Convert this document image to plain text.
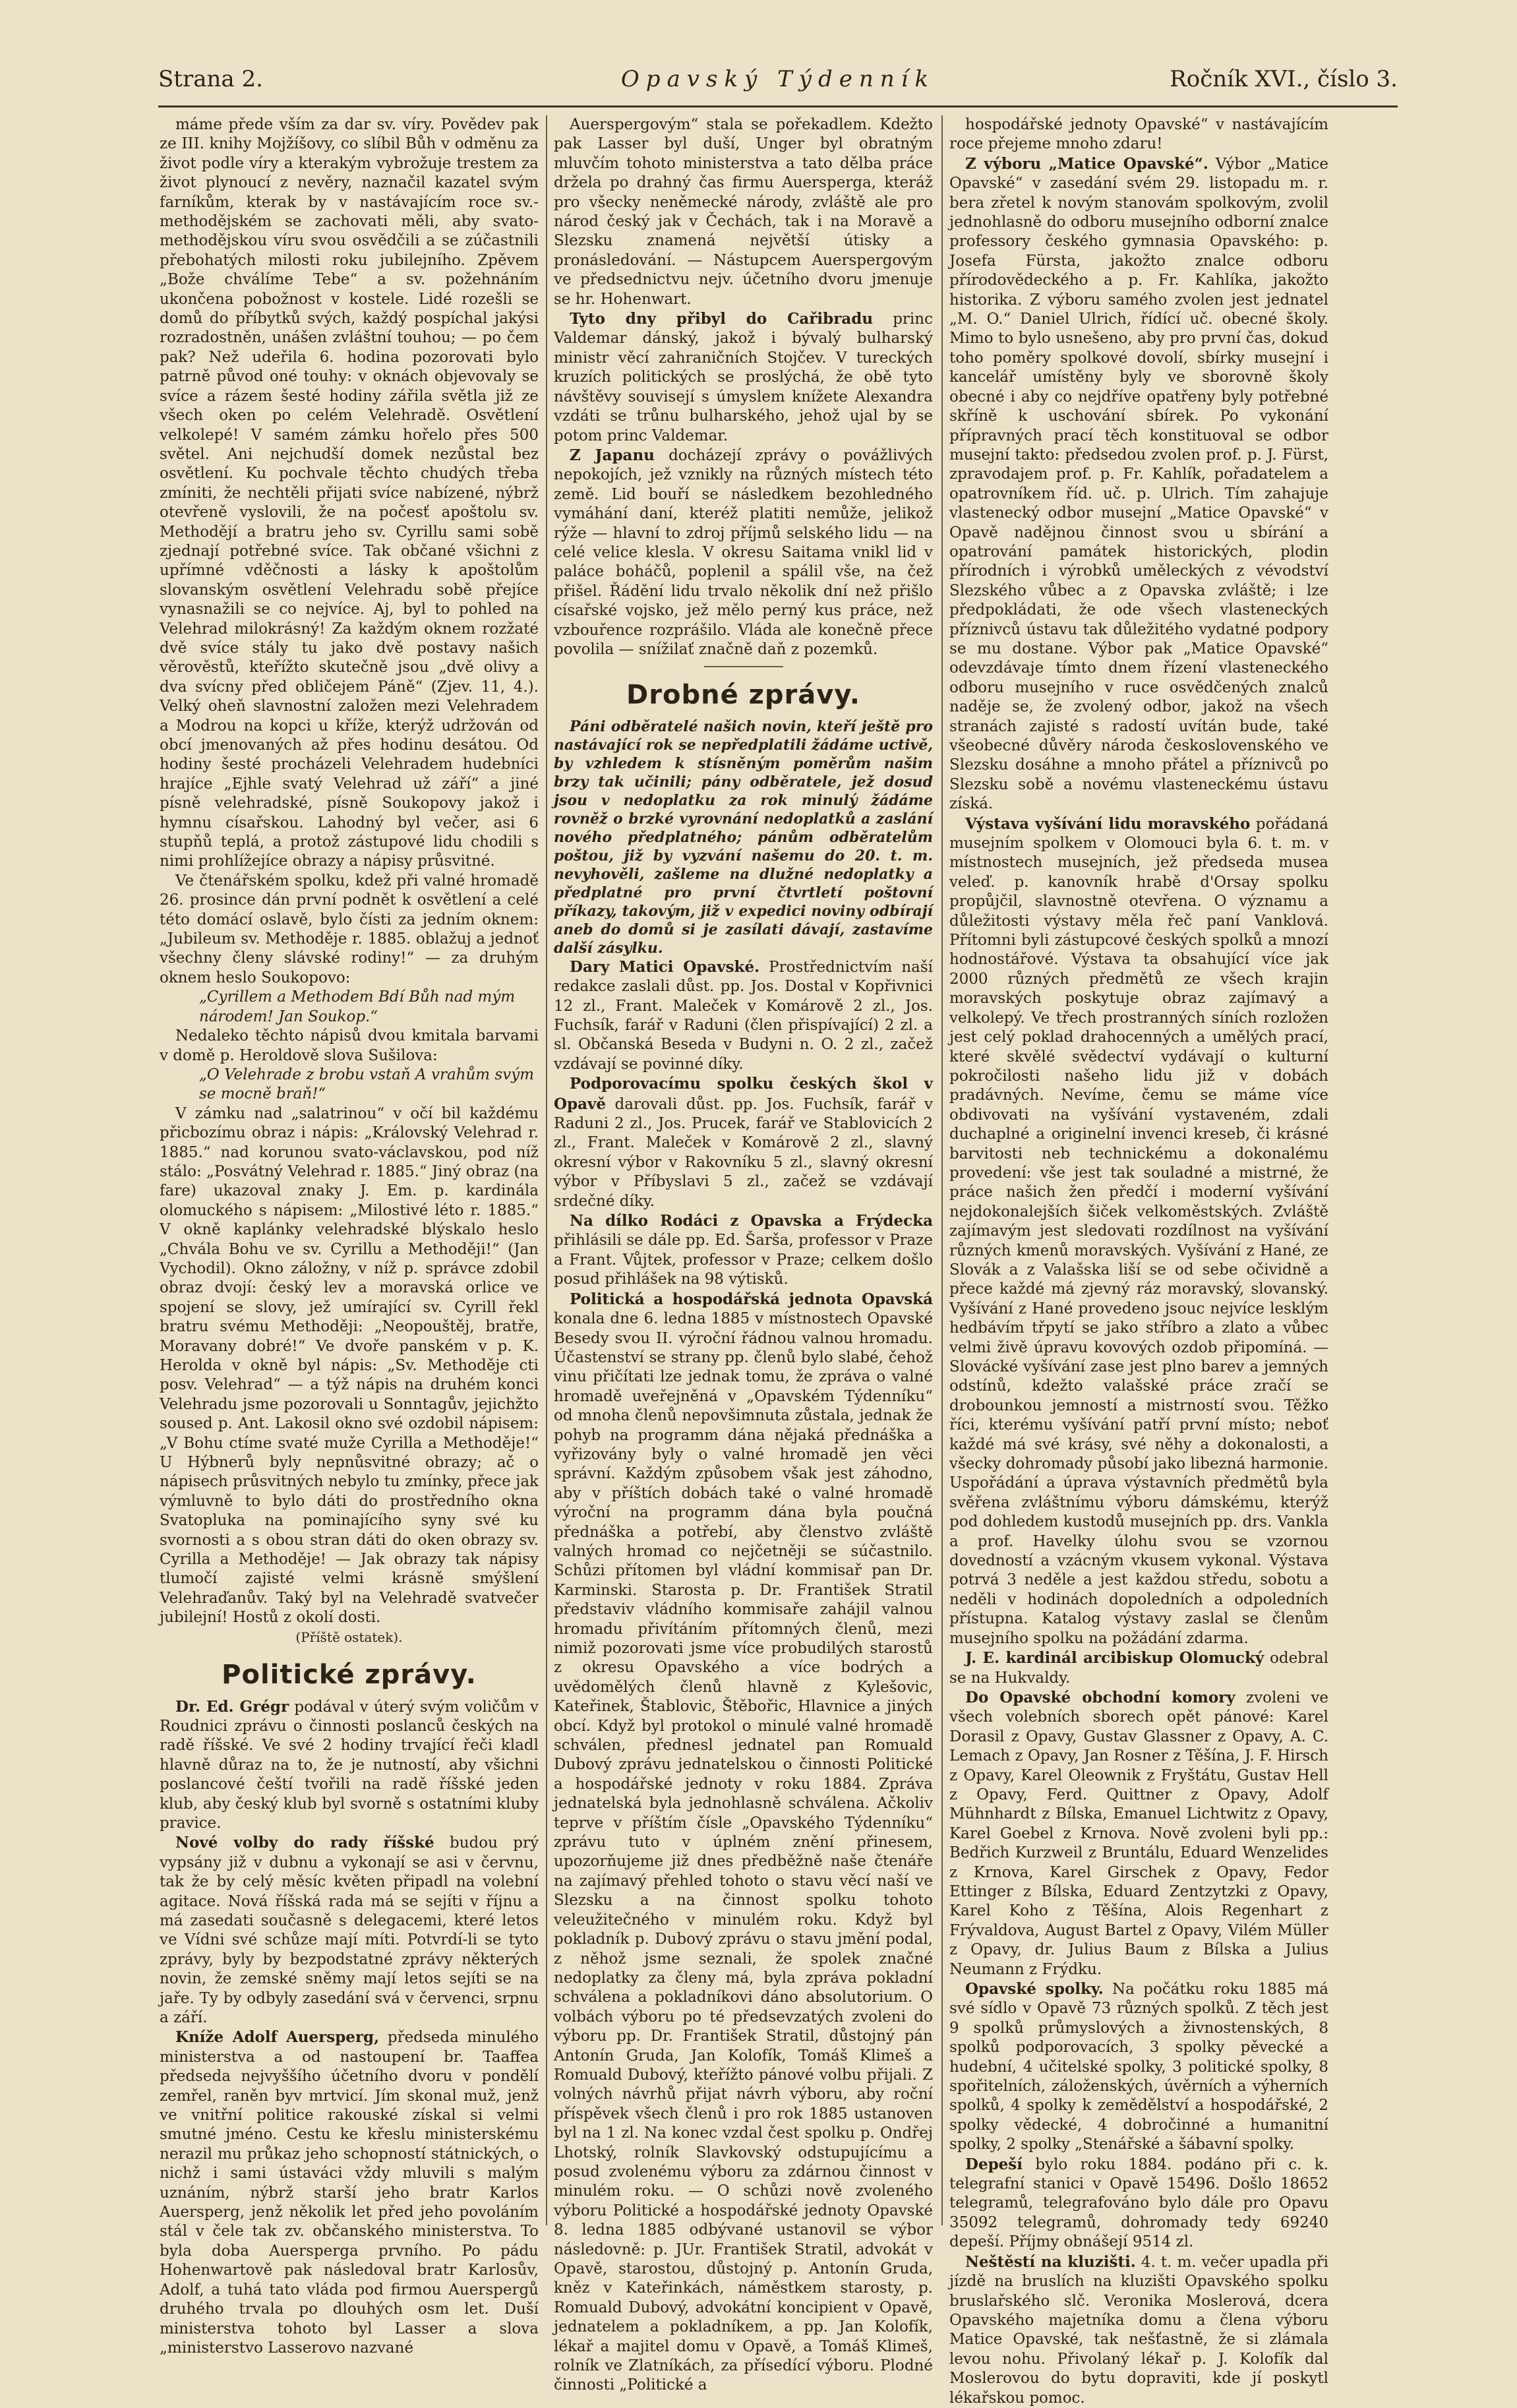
Strana 2.	Opavský Týdenník	Ročník XVI., číslo 3.

máme přede vším za dar sv. víry. Povědev pak ze III. knihy Mojžíšovy, co slíbil Bůh v odměnu za život podle víry a kterakým vybrožuje trestem za život plynoucí z nevěry, naznačil kazatel svým farníkům, kterak by v nastávajícím roce sv.-methodějském se zachovati měli, aby svato-methodějskou víru svou osvědčili a se zúčastnili přebohatých milosti roku jubilejního. Zpěvem „Bože chválíme Tebe“ a sv. požehnáním ukončena pobožnost v kostele. Lidé rozešli se domů do příbytků svých, každý pospíchal jakýsi rozradostněn, unášen zvláštní touhou; — po čem pak? Než udeřila 6. hodina pozorovati bylo patrně původ oné touhy: v oknách objevovaly se svíce a rázem šesté hodiny zářila světla již ze všech oken po celém Velehradě. Osvětlení velkolepé! V samém zámku hořelo přes 500 světel. Ani nejchudší domek nezůstal bez osvětlení. Ku pochvale těchto chudých třeba zmíniti, že nechtěli přijati svíce nabízené, nýbrž otevřeně vyslovili, že na počesť apoštolu sv. Methodějí a bratru jeho sv. Cyrillu sami sobě zjednají potřebné svíce. Tak občané všichni z upřímné vděčnosti a lásky k apoštolům slovanským osvětlení Velehradu sobě přejíce vynasnažili se co nejvíce. Aj, byl to pohled na Velehrad milokrásný! Za každým oknem rozžaté dvě svíce stály tu jako dvě postavy našich věrověstů, kteřížto skutečně jsou „dvě olivy a dva svícny před obličejem Páně“ (Zjev. 11, 4.). Velký oheň slavnostní založen mezi Velehradem a Modrou na kopci u kříže, kterýž udržován od obcí jmenovaných až přes hodinu desátou. Od hodiny šesté procházeli Velehradem hudebníci hrajíce „Ejhle svatý Velehrad už září“ a jiné písně velehradské, písně Soukopovy jakož i hymnu císařskou. Lahodný byl večer, asi 6 stupňů teplá, a protož zástupové lidu chodili s nimi prohlížejíce obrazy a nápisy průsvitné.

Ve čtenářském spolku, kdež při valné hromadě 26. prosince dán první podnět k osvětlení a celé této domácí oslavě, bylo čísti za jedním oknem: „Jubileum sv. Methoděje r. 1885. oblažuj a jednoť všechny členy slávské rodiny!“ — za druhým oknem heslo Soukopovo:

„Cyrillem a Methodem Bdí Bůh nad mým národem! Jan Soukop.“

Nedaleko těchto nápisů dvou kmitala barvami v domě p. Heroldově slova Sušilova:

„O Velehrade z brobu vstaň A vrahům svým se mocně braň!“

V zámku nad „salatrinou“ v očí bil každému přicbozímu obraz i nápis: „Královský Velehrad r. 1885.“ nad korunou svato-václavskou, pod níž stálo: „Posvátný Velehrad r. 1885.“ Jiný obraz (na fare) ukazoval znaky J. Em. p. kardinála olomuckého s nápisem: „Milostivé léto r. 1885.“ V okně kaplánky velehradské blýskalo heslo „Chvála Bohu ve sv. Cyrillu a Methoději!“ (Jan Vychodil). Okno záložny, v níž p. správce zdobil obraz dvojí: český lev a moravská orlice ve spojení se slovy, jež umírající sv. Cyrill řekl bratru svému Methoději: „Neopouštěj, bratře, Moravany dobré!“ Ve dvoře panském v p. K. Herolda v okně byl nápis: „Sv. Methoděje cti posv. Velehrad“ — a týž nápis na druhém konci Velehradu jsme pozorovali u Sonntagův, jejichžto soused p. Ant. Lakosil okno své ozdobil nápisem: „V Bohu ctíme svaté muže Cyrilla a Methoděje!“ U Hýbnerů byly nepnůsvitné obrazy; ač o nápisech průsvitných nebylo tu zmínky, přece jak výmluvně to bylo dáti do prostředního okna Svatopluka na pominajícího syny své ku svornosti a s obou stran dáti do oken obrazy sv. Cyrilla a Methoděje! — Jak obrazy tak nápisy tlumočí zajisté velmi krásně smýšlení Velehraďanův. Taký byl na Velehradě svatvečer jubilejní! Hostů z okolí dosti.

(Příště ostatek).

Politické zprávy.

Dr. Ed. Grégr podával v úterý svým voličům v Roudnici zprávu o činnosti poslanců českých na radě říšské. Ve své 2 hodiny trvající řeči kladl hlavně důraz na to, že je nutností, aby všichni poslancové čeští tvořili na radě říšské jeden klub, aby český klub byl svorně s ostatními kluby pravice.

Nové volby do rady říšské budou prý vypsány již v dubnu a vykonají se asi v červnu, tak že by celý měsíc květen připadl na volební agitace. Nová říšská rada má se sejíti v říjnu a má zasedati současně s delegacemi, které letos ve Vídni své schůze mají míti. Potvrdí-li se tyto zprávy, byly by bezpodstatné zprávy některých novin, že zemské sněmy mají letos sejíti se na jaře. Ty by odbyly zasedání svá v červenci, srpnu a září.

Kníže Adolf Auersperg, předseda minulého ministerstva a od nastoupení br. Taaffea předseda nejvyššího účetního dvoru v pondělí zemřel, raněn byv mrtvicí. Jím skonal muž, jenž ve vnitřní politice rakouské získal si velmi smutné jméno. Cestu ke křeslu ministerskému nerazil mu průkaz jeho schopností státnických, o nichž i sami ústaváci vždy mluvili s malým uznáním, nýbrž starší jeho bratr Karlos Auersperg, jenž několik let před jeho povoláním stál v čele tak zv. občanského ministerstva. To byla doba Auersperga prvního. Po pádu Hohenwartově pak následoval bratr Karlosův, Adolf, a tuhá tato vláda pod firmou Auerspergů druhého trvala po dlouhých osm let. Duší ministerstva tohoto byl Lasser a slova „ministerstvo Lasserovo nazvané

Auerspergovým“ stala se pořekadlem. Kdežto pak Lasser byl duší, Unger byl obratným mluvčím tohoto ministerstva a tato dělba práce držela po drahný čas firmu Auersperga, kteráž pro všecky neněmecké národy, zvláště ale pro národ český jak v Čechách, tak i na Moravě a Slezsku znamená největší útisky a pronásledování. — Nástupcem Auerspergovým ve předsednictvu nejv. účetního dvoru jmenuje se hr. Hohenwart.

Tyto dny přibyl do Cařibradu princ Valdemar dánský, jakož i bývalý bulharský ministr věcí zahraničních Stojčev. V tureckých kruzích politických se proslýchá, že obě tyto návštěvy souvisejí s úmyslem knížete Alexandra vzdáti se trůnu bulharského, jehož ujal by se potom princ Valdemar.

Z Japanu docházejí zprávy o povážlivých nepokojích, jež vznikly na různých místech této země. Lid bouří se následkem bezohledného vymáhání daní, kteréž platiti nemůže, jelikož rýže — hlavní to zdroj příjmů selského lidu — na celé velice klesla. V okresu Saitama vnikl lid v paláce boháčů, poplenil a spálil vše, na čež přišel. Řádění lidu trvalo několik dní než přišlo císařské vojsko, jež mělo perný kus práce, než vzbouřence rozprášilo. Vláda ale konečně přece povolila — snížilať značně daň z pozemků.

Drobné zprávy.

Páni odběratelé našich novin, kteří ještě pro nastávající rok se nepředplatili žádáme uctivě, by vzhledem k stísněným poměrům našim brzy tak učinili; pány odběratele, jež dosud jsou v nedoplatku za rok minulý žádáme rovněž o brzké vyrovnání nedoplatků a zaslání nového předplatného; pánům odběratelům poštou, již by vyzvání našemu do 20. t. m. nevyhověli, zašleme na dlužné nedoplatky a předplatné pro první čtvrtletí poštovní příkazy, takovým, již v expedici noviny odbírají aneb do domů si je zasílati dávají, zastavíme další zásylku.

Dary Matici Opavské. Prostřednictvím naší redakce zaslali důst. pp. Jos. Dostal v Kopřivnici 12 zl., Frant. Maleček v Komárově 2 zl., Jos. Fuchsík, farář v Raduni (člen přispívající) 2 zl. a sl. Občanská Beseda v Budyni n. O. 2 zl., začež vzdávají se povinné díky.

Podporovacímu spolku českých škol v Opavě darovali důst. pp. Jos. Fuchsík, farář v Raduni 2 zl., Jos. Prucek, farář ve Stablovicích 2 zl., Frant. Maleček v Komárově 2 zl., slavný okresní výbor v Rakovníku 5 zl., slavný okresní výbor v Příbyslavi 5 zl., začež se vzdávají srdečné díky.

Na dílko Rodáci z Opavska a Frýdecka přihlásili se dále pp. Ed. Šarša, professor v Praze a Frant. Vůjtek, professor v Praze; celkem došlo posud přihlášek na 98 výtisků.

Politická a hospodářská jednota Opavská konala dne 6. ledna 1885 v místnostech Opavské Besedy svou II. výroční řádnou valnou hromadu. Účastenství se strany pp. členů bylo slabé, čehož vinu přičítati lze jednak tomu, že zpráva o valné hromadě uveřejněná v „Opavském Týdenníku“ od mnoha členů nepovšimnuta zůstala, jednak že pohyb na programm dána nějaká přednáška a vyřizovány byly o valné hromadě jen věci správní. Každým způsobem však jest záhodno, aby v příštích dobách také o valné hromadě výroční na programm dána byla poučná přednáška a potřebí, aby členstvo zvláště valných hromad co nejčetněji se súčastnilo. Schůzi přítomen byl vládní kommisař pan Dr. Karminski. Starosta p. Dr. František Stratil představiv vládního kommisaře zahájil valnou hromadu přivítáním přítomných členů, mezi nimiž pozorovati jsme více probudilých starostů z okresu Opavského a více bodrých a uvědomělých členů hlavně z Kylešovic, Kateřinek, Štablovic, Štěbořic, Hlavnice a jiných obcí. Když byl protokol o minulé valné hromadě schválen, přednesl jednatel pan Romuald Dubový zprávu jednatelskou o činnosti Politické a hospodářské jednoty v roku 1884. Zpráva jednatelská byla jednohlasně schválena. Ačkoliv teprve v příštím čísle „Opavského Týdenníku“ zprávu tuto v úplném znění přinesem, upozorňujeme již dnes předběžně naše čtenáře na zajímavý přehled tohoto o stavu věcí naší ve Slezsku a na činnost spolku tohoto veleužitečného v minulém roku. Když byl pokladník p. Dubový zprávu o stavu jmění podal, z něhož jsme seznali, že spolek značné nedoplatky za členy má, byla zpráva pokladní schválena a pokladníkovi dáno absolutorium. O volbách výboru po té předsevzatých zvoleni do výboru pp. Dr. František Stratil, důstojný pán Antonín Gruda, Jan Kolofík, Tomáš Klimeš a Romuald Dubový, kteřížto pánové volbu přijali. Z volných návrhů přijat návrh výboru, aby roční příspěvek všech členů i pro rok 1885 ustanoven byl na 1 zl. Na konec vzdal čest spolku p. Ondřej Lhotský, rolník Slavkovský odstupujícímu a posud zvolenému výboru za zdárnou činnost v minulém roku. — O schůzi nově zvoleného výboru Politické a hospodářské jednoty Opavské 8. ledna 1885 odbývané ustanovil se výbor následovně: p. JUr. František Stratil, advokát v Opavě, starostou, důstojný p. Antonín Gruda, kněz v Kateřinkách, náměstkem starosty, p. Romuald Dubový, advokátní koncipient v Opavě, jednatelem a pokladníkem, a pp. Jan Kolofík, lékař a majitel domu v Opavě, a Tomáš Klimeš, rolník ve Zlatníkách, za přísedící výboru. Plodné činnosti „Politické a

hospodářské jednoty Opavské“ v nastávajícím roce přejeme mnoho zdaru!

Z výboru „Matice Opavské“. Výbor „Matice Opavské“ v zasedání svém 29. listopadu m. r. bera zřetel k novým stanovám spolkovým, zvolil jednohlasně do odboru musejního odborní znalce professory českého gymnasia Opavského: p. Josefa Fürsta, jakožto znalce odboru přírodovědeckého a p. Fr. Kahlíka, jakožto historika. Z výboru samého zvolen jest jednatel „M. O.“ Daniel Ulrich, řídící uč. obecné školy. Mimo to bylo usnešeno, aby pro první čas, dokud toho poměry spolkové dovolí, sbírky musejní i kancelář umístěny byly ve sborovně školy obecné i aby co nejdříve opatřeny byly potřebné skříně k uschování sbírek. Po vykonání přípravných prací těch konstituoval se odbor musejní takto: předsedou zvolen prof. p. J. Fürst, zpravodajem prof. p. Fr. Kahlík, pořadatelem a opatrovníkem říd. uč. p. Ulrich. Tím zahajuje vlastenecký odbor musejní „Matice Opavské“ v Opavě nadějnou činnost svou u sbírání a opatrování památek historických, plodin přírodních i výrobků uměleckých z vévodství Slezského vůbec a z Opavska zvláště; i lze předpokládati, že ode všech vlasteneckých příznivců ústavu tak důležitého vydatné podpory se mu dostane. Výbor pak „Matice Opavské“ odevzdávaje tímto dnem řízení vlasteneckého odboru musejního v ruce osvědčených znalců naděje se, že zvolený odbor, jakož na všech stranách zajisté s radostí uvítán bude, také všeobecné důvěry národa československého ve Slezsku dosáhne a mnoho přátel a příznivců po Slezsku sobě a novému vlasteneckému ústavu získá.

Výstava vyšívání lidu moravského pořádaná musejním spolkem v Olomouci byla 6. t. m. v místnostech musejních, jež předseda musea veleď. p. kanovník hrabě d'Orsay spolku propůjčil, slavnostně otevřena. O významu a důležitosti výstavy měla řeč paní Vanklová. Přítomni byli zástupcové českých spolků a mnozí hodnostářové. Výstava ta obsahující více jak 2000 různých předmětů ze všech krajin moravských poskytuje obraz zajímavý a velkolepý. Ve třech prostranných síních rozložen jest celý poklad drahocenných a umělých prací, které skvělé svědectví vydávají o kulturní pokročilosti našeho lidu již v dobách pradávných. Nevíme, čemu se máme více obdivovati na vyšívání vystaveném, zdali duchaplné a originelní invenci kreseb, či krásné barvitosti neb technickému a dokonalému provedení: vše jest tak souladné a mistrné, že práce našich žen předčí i moderní vyšívání nejdokonalejších šiček velkoměstských. Zvláště zajímavým jest sledovati rozdílnost na vyšívání různých kmenů moravských. Vyšívání z Hané, ze Slovák a z Valašska liší se od sebe očividně a přece každé má zjevný ráz moravský, slovanský. Vyšívání z Hané provedeno jsouc nejvíce lesklým hedbávím třpytí se jako stříbro a zlato a vůbec velmi živě úpravu kovových ozdob připomíná. — Slovácké vyšívání zase jest plno barev a jemných odstínů, kdežto valašské práce zračí se drobounkou jemností a mistrností svou. Těžko říci, kterému vyšívání patří první místo; neboť každé má své krásy, své něhy a dokonalosti, a všecky dohromady působí jako libezná harmonie. Uspořádání a úprava výstavních předmětů byla svěřena zvláštnímu výboru dámskému, kterýž pod dohledem kustodů musejních pp. drs. Vankla a prof. Havelky úlohu svou se vzornou dovedností a vzácným vkusem vykonal. Výstava potrvá 3 neděle a jest každou středu, sobotu a neděli v hodinách dopoledních a odpoledních přístupna. Katalog výstavy zaslal se členům musejního spolku na požádání zdarma.

J. E. kardinál arcibiskup Olomucký odebral se na Hukvaldy.

Do Opavské obchodní komory zvoleni ve všech volebních sborech opět pánové: Karel Dorasil z Opavy, Gustav Glassner z Opavy, A. C. Lemach z Opavy, Jan Rosner z Těšína, J. F. Hirsch z Opavy, Karel Oleownik z Fryštátu, Gustav Hell z Opavy, Ferd. Quittner z Opavy, Adolf Mühnhardt z Bílska, Emanuel Lichtwitz z Opavy, Karel Goebel z Krnova. Nově zvoleni byli pp.: Bedřich Kurzweil z Bruntálu, Eduard Wenzelides z Krnova, Karel Girschek z Opavy, Fedor Ettinger z Bílska, Eduard Zentzytzki z Opavy, Karel Koho z Těšína, Alois Regenhart z Frývaldova, August Bartel z Opavy, Vilém Müller z Opavy, dr. Julius Baum z Bílska a Julius Neumann z Frýdku.

Opavské spolky. Na počátku roku 1885 má své sídlo v Opavě 73 různých spolků. Z těch jest 9 spolků průmyslových a živnostenských, 8 spolků podporovacích, 3 spolky pěvecké a hudební, 4 učitelské spolky, 3 politické spolky, 8 spořitelních, záloženských, úvěrních a výherních spolků, 4 spolky k zemědělství a hospodářské, 2 spolky vědecké, 4 dobročinné a humanitní spolky, 2 spolky „Stenářské a šábavní spolky.

Depeší bylo roku 1884. podáno při c. k. telegrafní stanici v Opavě 15496. Došlo 18652 telegramů, telegrafováno bylo dále pro Opavu 35092 telegramů, dohromady tedy 69240 depeší. Příjmy obnášejí 9514 zl.

Neštěstí na kluzišti. 4. t. m. večer upadla při jízdě na bruslích na kluzišti Opavského spolku bruslařského slč. Veronika Moslerová, dcera Opavského majetníka domu a člena výboru Matice Opavské, tak nešťastně, že si zlámala levou nohu. Přivolaný lékař p. J. Kolofík dal Moslerovou do bytu dopraviti, kde jí poskytl lékařskou pomoc.
